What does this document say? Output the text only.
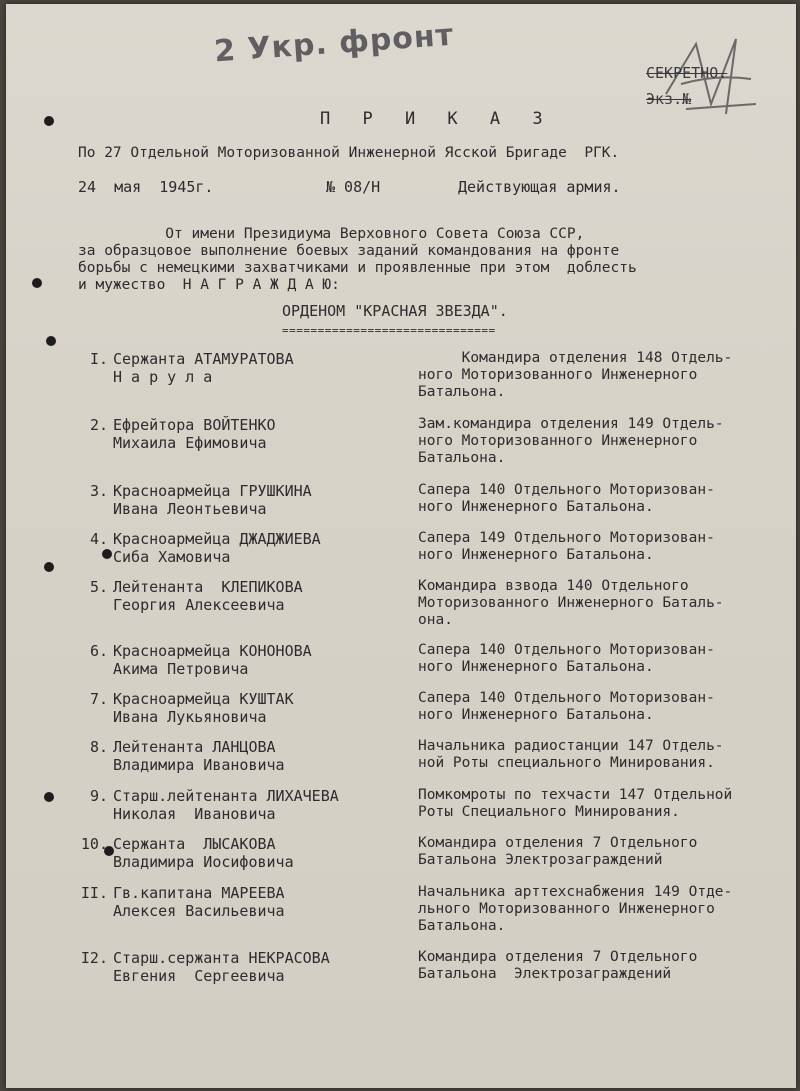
2 Укр. фронт
СЕКРЕТНО.
Экз.№
П Р И К А З
По 27 Отдельной Моторизованной Инженерной Ясской Бригаде  РГК.
24  мая  1945г.	№ 08/Н	Действующая армия.
От имени Президиума Верховного Совета Союза ССР,
за образцовое выполнение боевых заданий командования на фронте
борьбы с немецкими захватчиками и проявленные при этом  доблесть
и мужество  Н А Г Р А Ж Д А Ю:
ОРДЕНОМ "КРАСНАЯ ЗВЕЗДА".
==============================
I. Сержанта АТАМУРАТОВА
Н а р у л а
Командира отделения 148 Отдель-
ного Моторизованного Инженерного
Батальона.
2. Ефрейтора ВОЙТЕНКО
Михаила Ефимовича
Зам.командира отделения 149 Отдель-
ного Моторизованного Инженерного
Батальона.
3. Красноармейца ГРУШКИНА
Ивана Леонтьевича
Сапера 140 Отдельного Моторизован-
ного Инженерного Батальона.
4. Красноармейца ДЖАДЖИЕВА
Сиба Хамовича
Сапера 149 Отдельного Моторизован-
ного Инженерного Батальона.
5. Лейтенанта  КЛЕПИКОВА
Георгия Алексеевича
Командира взвода 140 Отдельного
Моторизованного Инженерного Баталь-
она.
6. Красноармейца КОНОНОВА
Акима Петровича
Сапера 140 Отдельного Моторизован-
ного Инженерного Батальона.
7. Красноармейца КУШТАК
Ивана Лукьяновича
Сапера 140 Отдельного Моторизован-
ного Инженерного Батальона.
8. Лейтенанта ЛАНЦОВА
Владимира Ивановича
Начальника радиостанции 147 Отдель-
ной Роты специального Минирования.
9. Старш.лейтенанта ЛИХАЧЕВА
Николая  Ивановича
Помкомроты по техчасти 147 Отдельной
Роты Специального Минирования.
10. Сержанта  ЛЫСАКОВА
Владимира Иосифовича
Командира отделения 7 Отдельного
Батальона Электрозаграждений
II. Гв.капитана МАРЕЕВА
Алексея Васильевича
Начальника арттехснабжения 149 Отде-
льного Моторизованного Инженерного
Батальона.
I2. Старш.сержанта НЕКРАСОВА
Евгения  Сергеевича
Командира отделения 7 Отдельного
Батальона  Электрозаграждений
